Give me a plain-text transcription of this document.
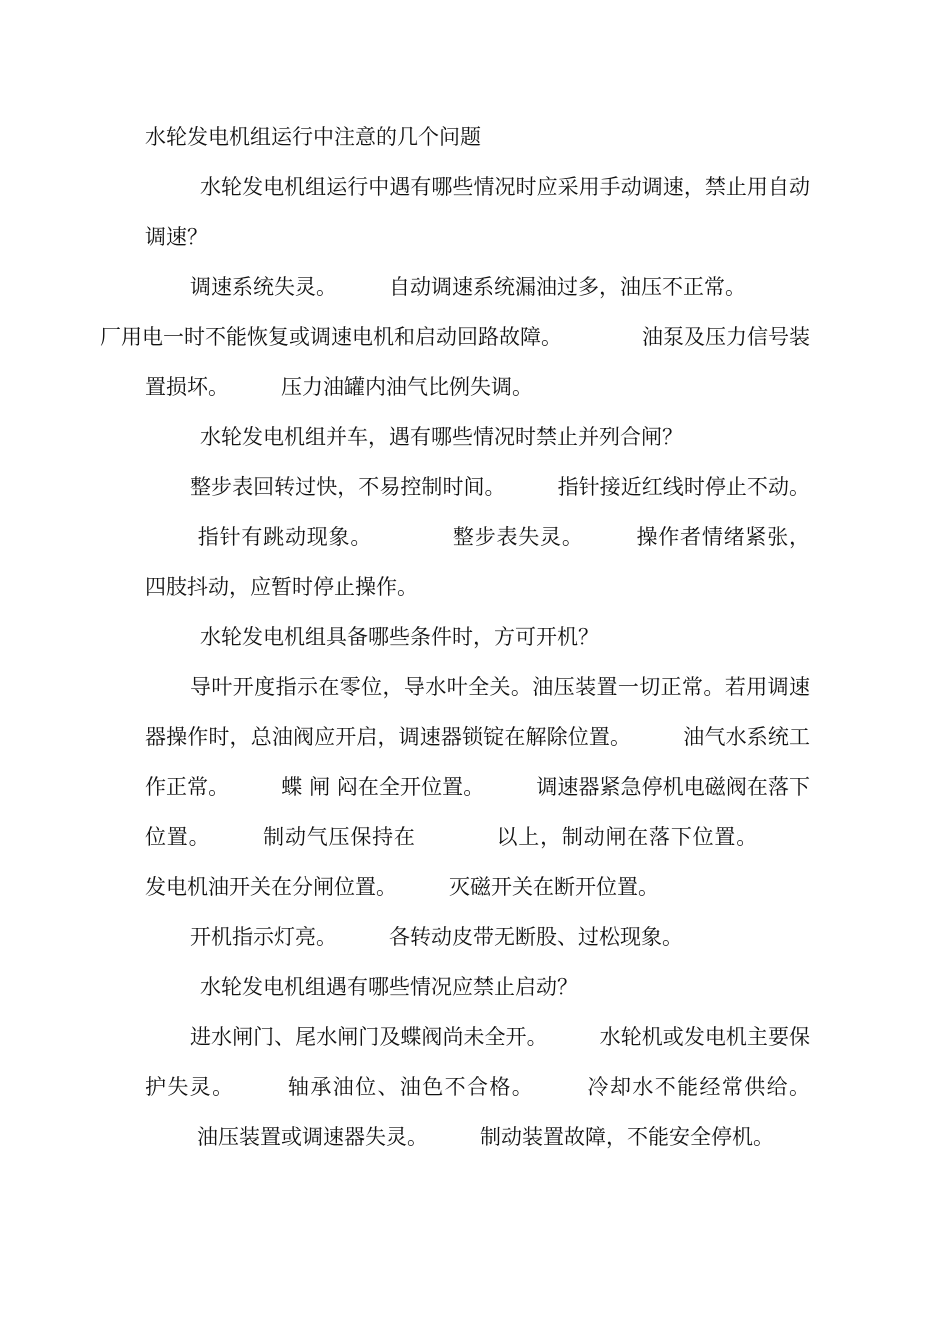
水轮发电机组运行中注意的几个问题

水轮发电机组运行中遇有哪些情况时应采用手动调速，禁止用自动调速？

调速系统失灵。 自动调速系统漏油过多，油压不正常。
厂用电一时不能恢复或调速电机和启动回路故障。	油泵及压力信号装置损坏。 压力油罐内油气比例失调。

水轮发电机组并车，遇有哪些情况时禁止并列合闸？

整步表回转过快，不易控制时间。 指针接近红线时停止不动。指针有跳动现象。	整步表失灵。 操作者情绪紧张，四肢抖动，应暂时停止操作。

水轮发电机组具备哪些条件时，方可开机？

导叶开度指示在零位，导水叶全关。油压装置一切正常。若用调速器操作时，总油阀应开启，调速器锁锭在解除位置。 油气水系统工作正常。 蝶 闸 闷在全开位置。 调速器紧急停机电磁阀在落下位置。 制动气压保持在	以上，制动闸在落下位置。发电机油开关在分闸位置。 灭磁开关在断开位置。

开机指示灯亮。 各转动皮带无断股、过松现象。

水轮发电机组遇有哪些情况应禁止启动？

进水闸门、尾水闸门及蝶阀尚未全开。 水轮机或发电机主要保护失灵。 轴承油位、油色不合格。 冷却水不能经常供给。油压装置或调速器失灵。 制动装置故障，不能安全停机。
